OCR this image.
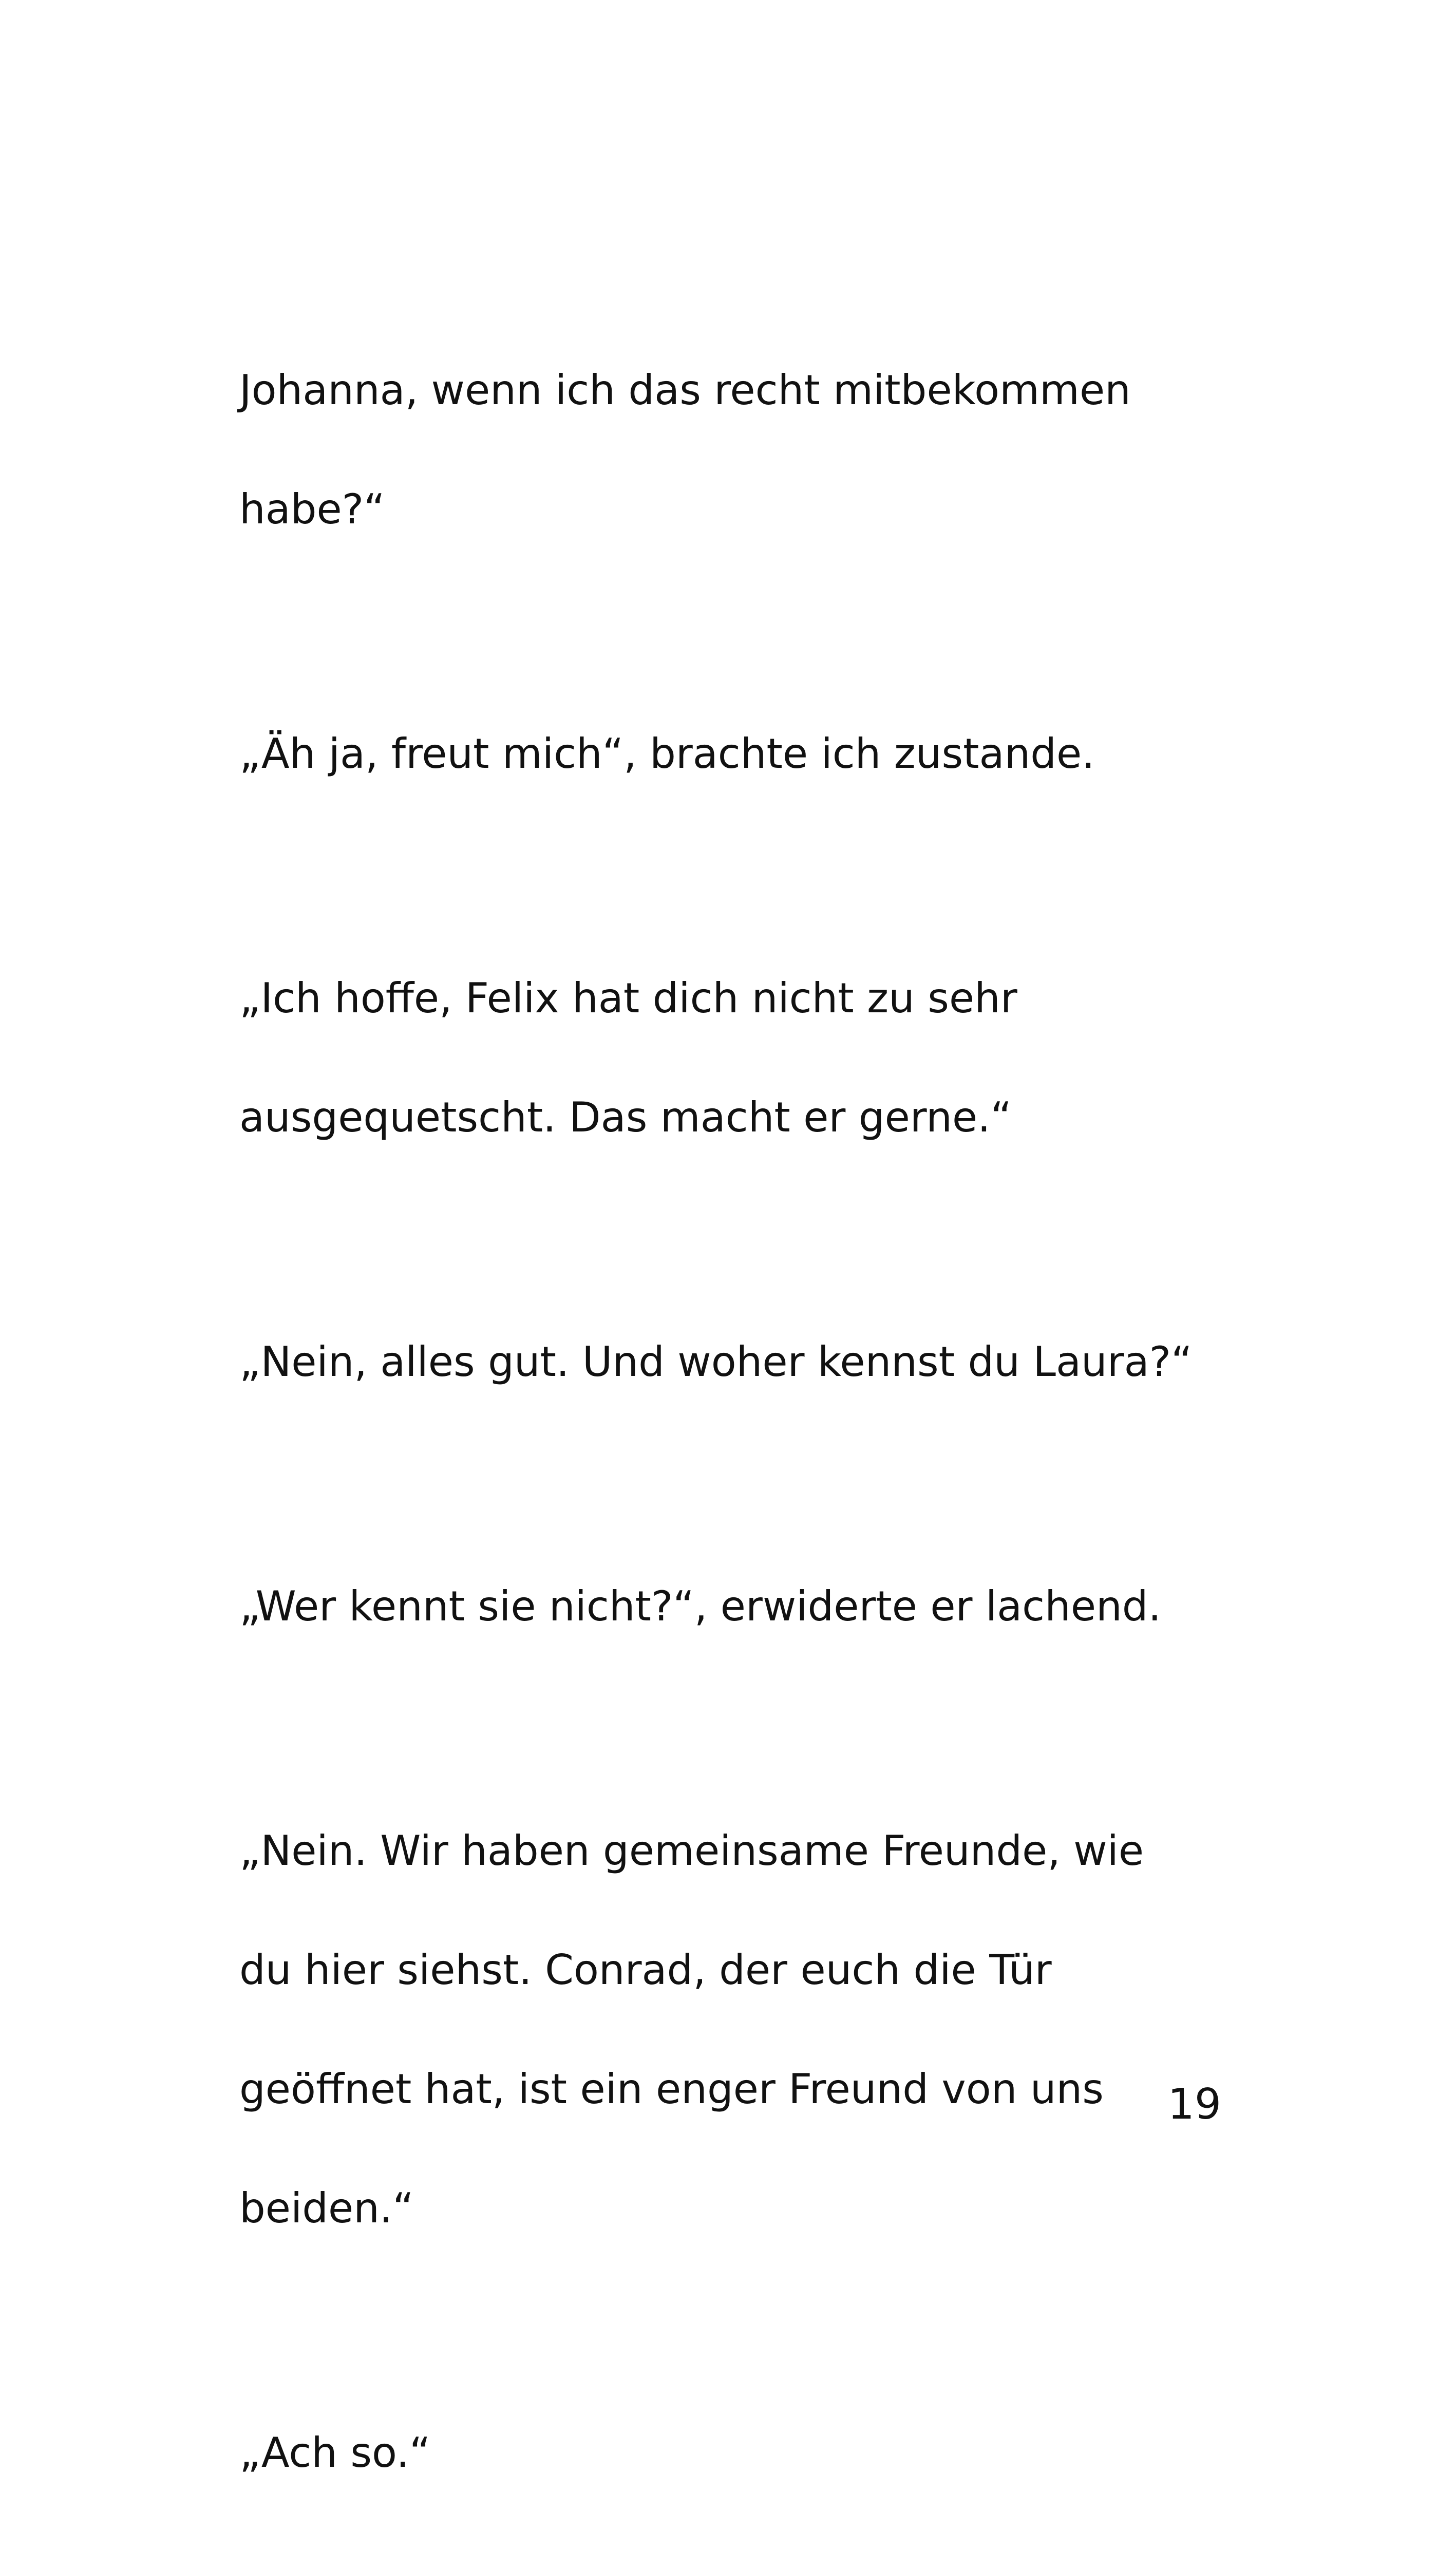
Johanna, wenn ich das recht mitbekommen

habe?“

„Äh ja, freut mich“, brachte ich zustande.

„Ich hoffe, Felix hat dich nicht zu sehr

ausgequetscht. Das macht er gerne.“

„Nein, alles gut. Und woher kennst du Laura?“

„Wer kennt sie nicht?“, erwiderte er lachend.

„Nein. Wir haben gemeinsame Freunde, wie

du hier siehst. Conrad, der euch die Tür

geöffnet hat, ist ein enger Freund von uns

beiden.“

„Ach so.“

19
